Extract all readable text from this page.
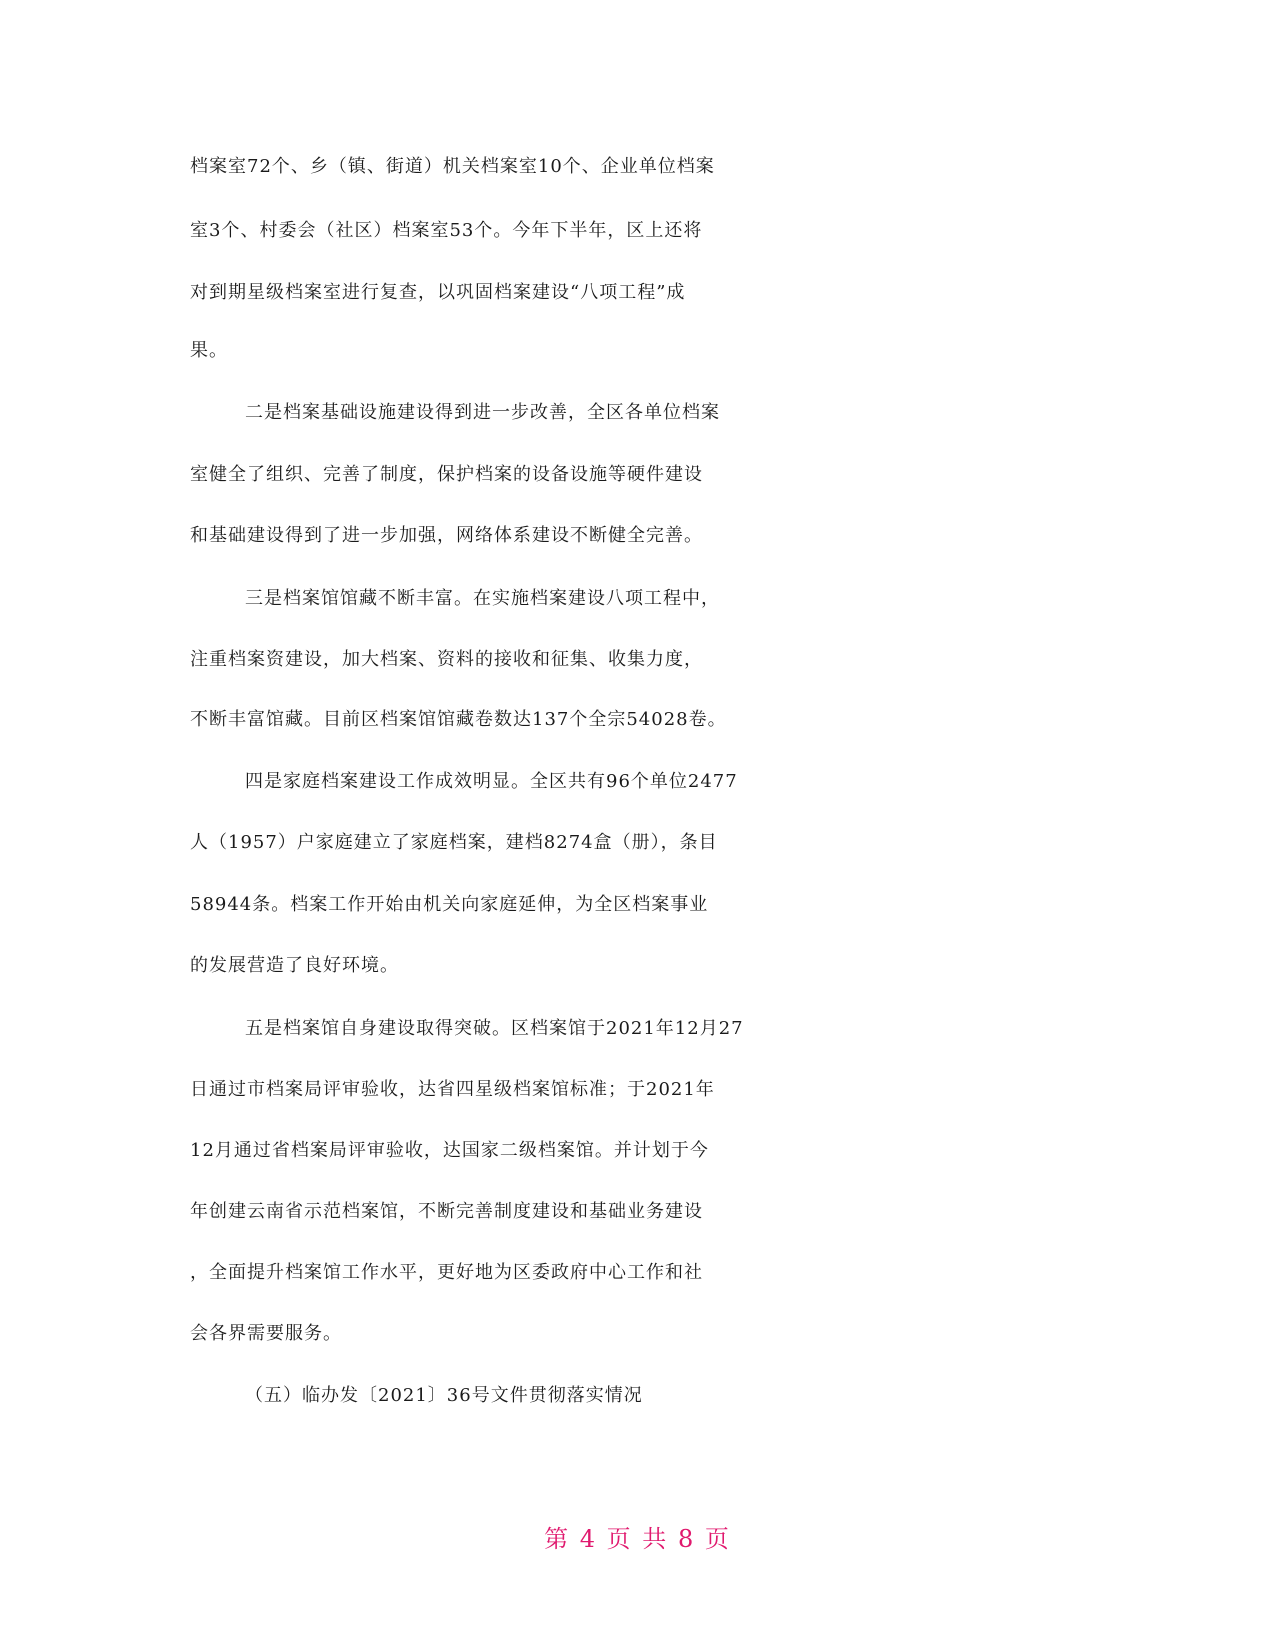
档案室72个、乡（镇、街道）机关档案室10个、企业单位档案
室3个、村委会（社区）档案室53个。今年下半年，区上还将
对到期星级档案室进行复查，以巩固档案建设“八项工程”成
果。
二是档案基础设施建设得到进一步改善，全区各单位档案
室健全了组织、完善了制度，保护档案的设备设施等硬件建设
和基础建设得到了进一步加强，网络体系建设不断健全完善。
三是档案馆馆藏不断丰富。在实施档案建设八项工程中，
注重档案资建设，加大档案、资料的接收和征集、收集力度，
不断丰富馆藏。目前区档案馆馆藏卷数达137个全宗54028卷。
四是家庭档案建设工作成效明显。全区共有96个单位2477
人（1957）户家庭建立了家庭档案，建档8274盒（册），条目
58944条。档案工作开始由机关向家庭延伸，为全区档案事业
的发展营造了良好环境。
五是档案馆自身建设取得突破。区档案馆于2021年12月27
日通过市档案局评审验收，达省四星级档案馆标准；于2021年
12月通过省档案局评审验收，达国家二级档案馆。并计划于今
年创建云南省示范档案馆，不断完善制度建设和基础业务建设
，全面提升档案馆工作水平，更好地为区委政府中心工作和社
会各界需要服务。
（五）临办发〔2021〕36号文件贯彻落实情况
第 4 页 共 8 页
